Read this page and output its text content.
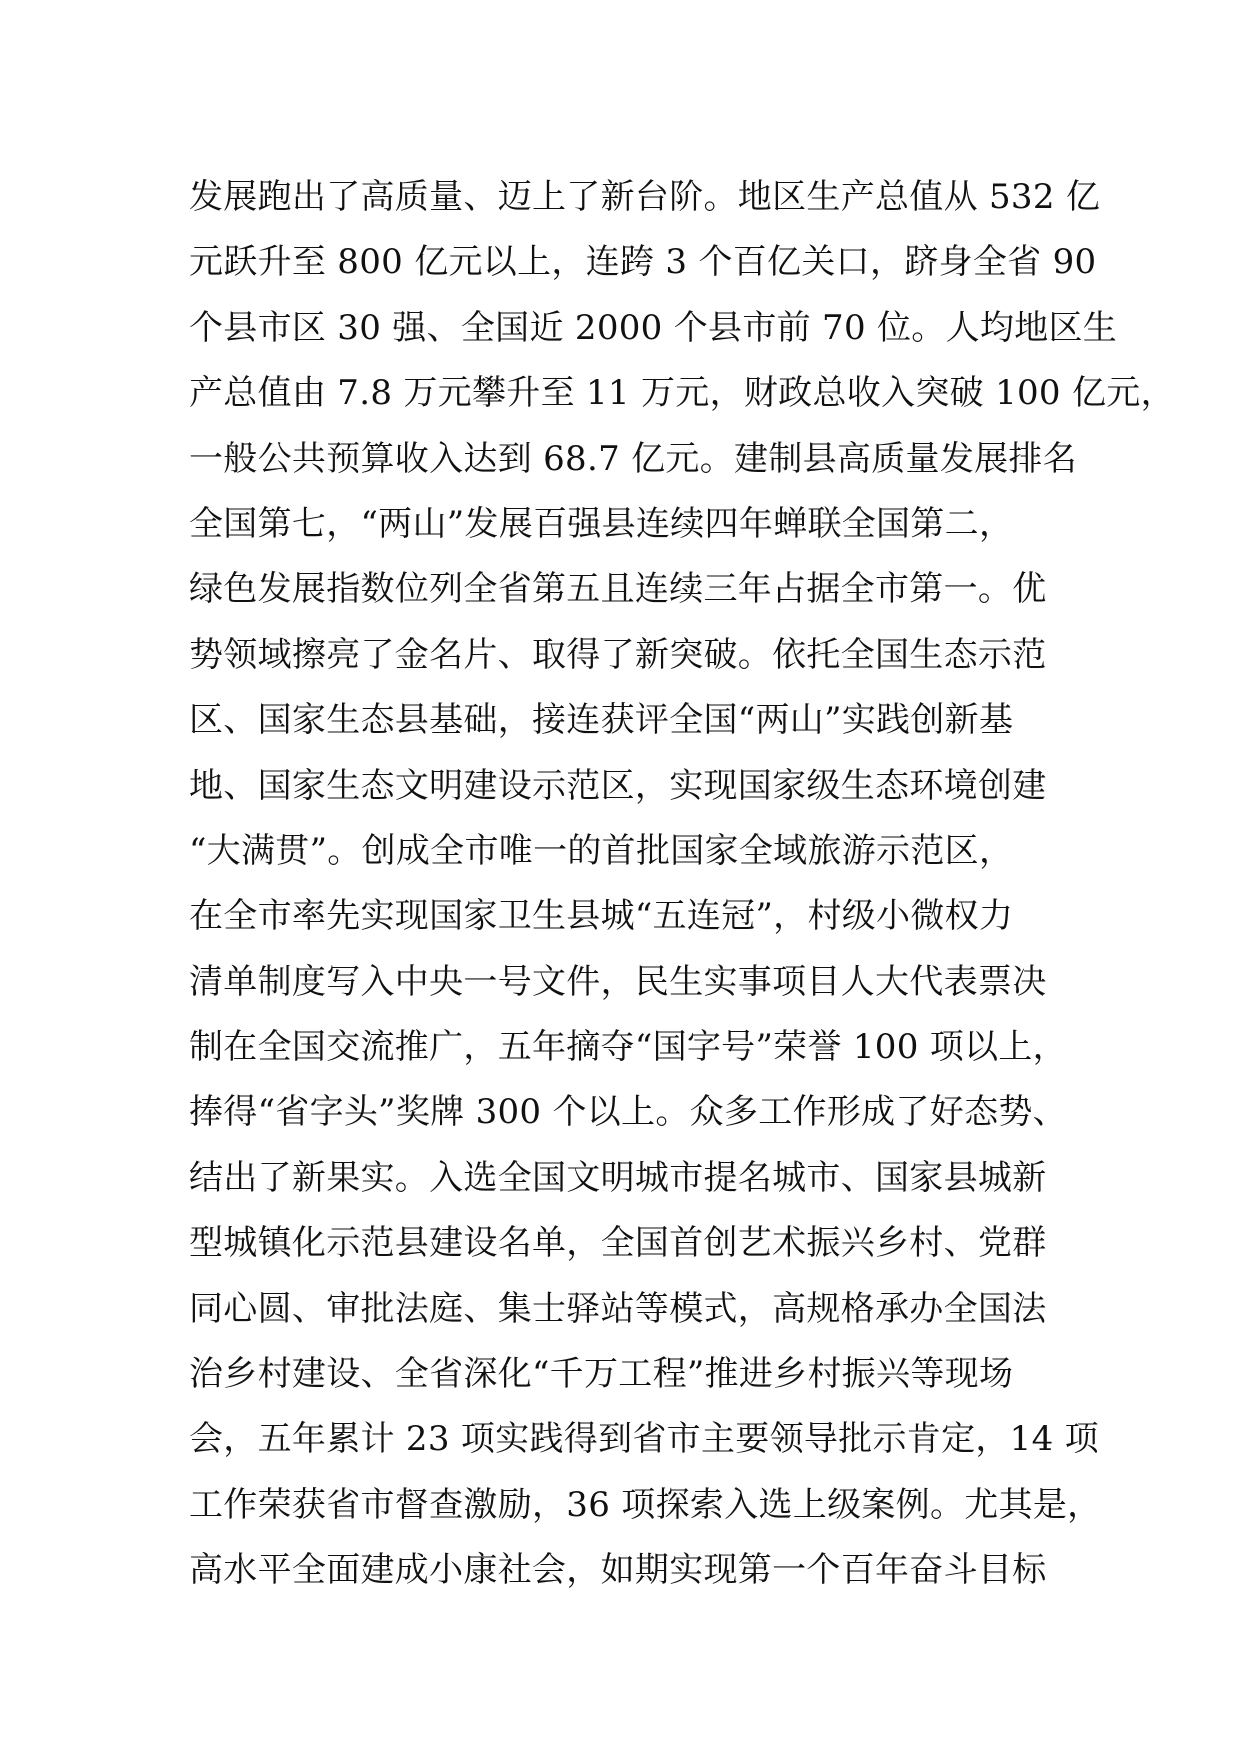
发展跑出了高质量、迈上了新台阶。地区生产总值从 532 亿
元跃升至 800 亿元以上，连跨 3 个百亿关口，跻身全省 90
个县市区 30 强、全国近 2000 个县市前 70 位。人均地区生
产总值由 7.8 万元攀升至 11 万元，财政总收入突破 100 亿元，
一般公共预算收入达到 68.7 亿元。建制县高质量发展排名
全国第七，“两山”发展百强县连续四年蝉联全国第二，
绿色发展指数位列全省第五且连续三年占据全市第一。优
势领域擦亮了金名片、取得了新突破。依托全国生态示范
区、国家生态县基础，接连获评全国“两山”实践创新基
地、国家生态文明建设示范区，实现国家级生态环境创建
“大满贯”。创成全市唯一的首批国家全域旅游示范区，
在全市率先实现国家卫生县城“五连冠”，村级小微权力
清单制度写入中央一号文件，民生实事项目人大代表票决
制在全国交流推广，五年摘夺“国字号”荣誉 100 项以上，
捧得“省字头”奖牌 300 个以上。众多工作形成了好态势、
结出了新果实。入选全国文明城市提名城市、国家县城新
型城镇化示范县建设名单，全国首创艺术振兴乡村、党群
同心圆、审批法庭、集士驿站等模式，高规格承办全国法
治乡村建设、全省深化“千万工程”推进乡村振兴等现场
会，五年累计 23 项实践得到省市主要领导批示肯定，14 项
工作荣获省市督查激励，36 项探索入选上级案例。尤其是，
高水平全面建成小康社会，如期实现第一个百年奋斗目标
